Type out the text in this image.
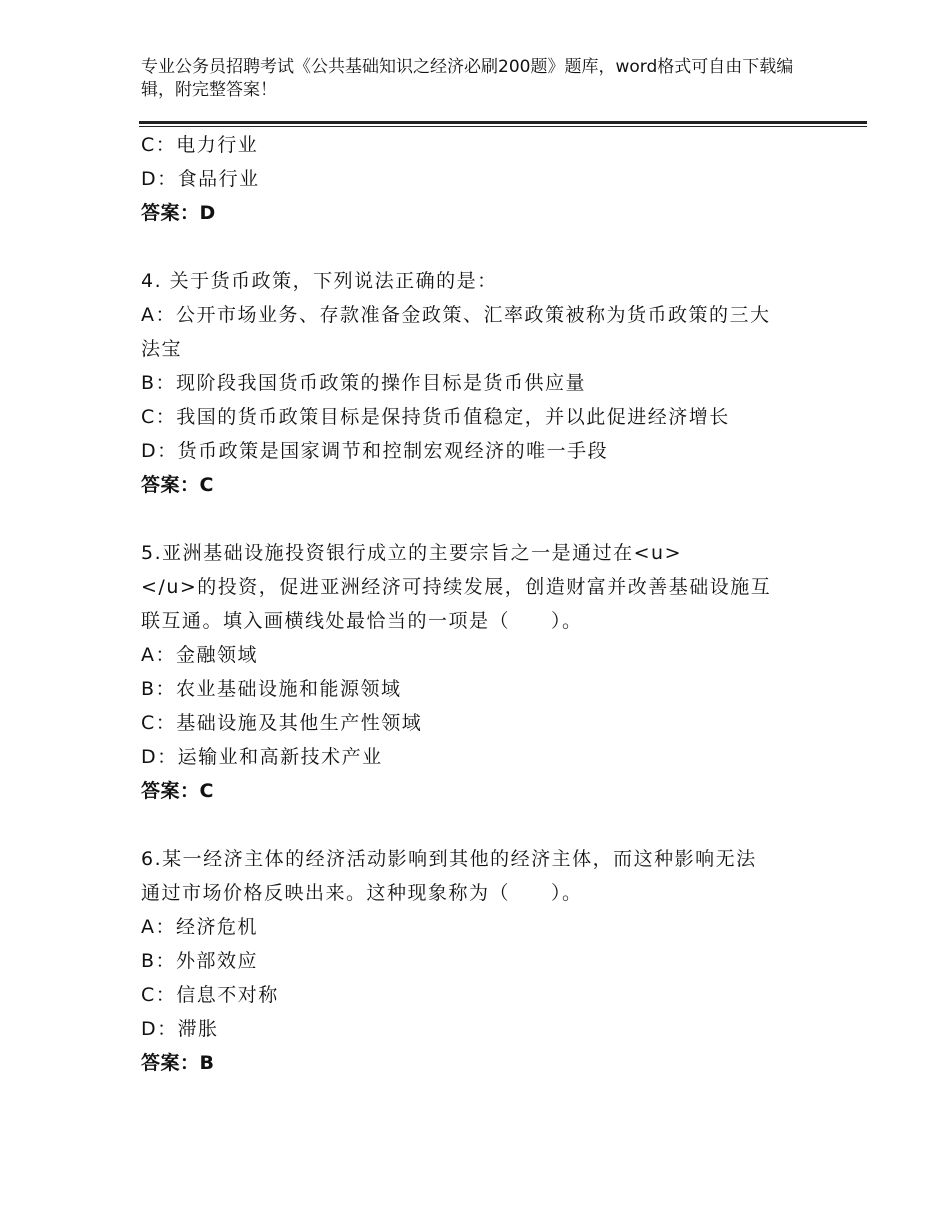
专业公务员招聘考试《公共基础知识之经济必刷200题》题库，word格式可自由下载编辑，附完整答案！
C：电力行业
D：食品行业
答案：D
4. 关于货币政策，下列说法正确的是：
A：公开市场业务、存款准备金政策、汇率政策被称为货币政策的三大
法宝
B：现阶段我国货币政策的操作目标是货币供应量
C：我国的货币政策目标是保持货币值稳定，并以此促进经济增长
D：货币政策是国家调节和控制宏观经济的唯一手段
答案：C
5.亚洲基础设施投资银行成立的主要宗旨之一是通过在<u>
</u>的投资，促进亚洲经济可持续发展，创造财富并改善基础设施互
联互通。填入画横线处最恰当的一项是（　　）。
A：金融领域
B：农业基础设施和能源领域
C：基础设施及其他生产性领域
D：运输业和高新技术产业
答案：C
6.某一经济主体的经济活动影响到其他的经济主体，而这种影响无法
通过市场价格反映出来。这种现象称为（　　）。
A：经济危机
B：外部效应
C：信息不对称
D：滞胀
答案：B
